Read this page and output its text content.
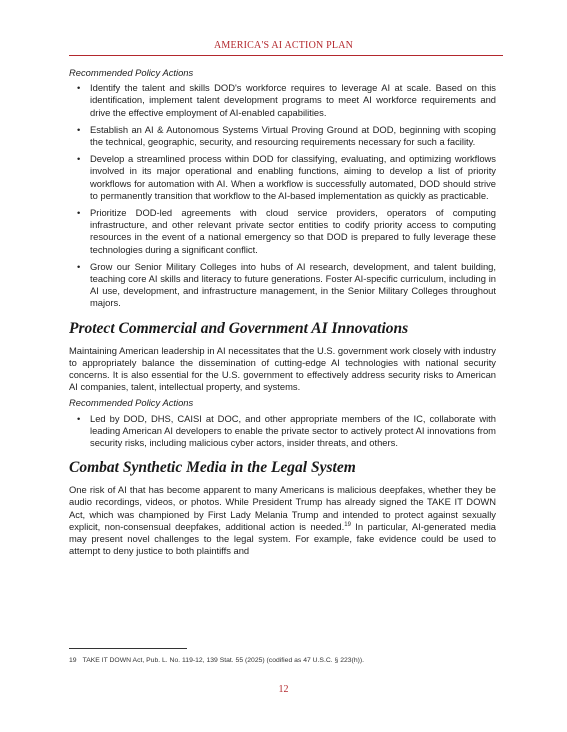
AMERICA'S AI ACTION PLAN

Recommended Policy Actions

• Identify the talent and skills DOD's workforce requires to leverage AI at scale. Based on this identification, implement talent development programs to meet AI workforce requirements and drive the effective employment of AI-enabled capabilities.
• Establish an AI & Autonomous Systems Virtual Proving Ground at DOD, beginning with scoping the technical, geographic, security, and resourcing requirements necessary for such a facility.
• Develop a streamlined process within DOD for classifying, evaluating, and optimizing workflows involved in its major operational and enabling functions, aiming to develop a list of priority workflows for automation with AI. When a workflow is successfully automated, DOD should strive to permanently transition that workflow to the AI-based implementation as quickly as practicable.
• Prioritize DOD-led agreements with cloud service providers, operators of computing infrastructure, and other relevant private sector entities to codify priority access to computing resources in the event of a national emergency so that DOD is prepared to fully leverage these technologies during a significant conflict.
• Grow our Senior Military Colleges into hubs of AI research, development, and talent building, teaching core AI skills and literacy to future generations. Foster AI-specific curriculum, including in AI use, development, and infrastructure management, in the Senior Military Colleges throughout majors.
Protect Commercial and Government AI Innovations

Maintaining American leadership in AI necessitates that the U.S. government work closely with industry to appropriately balance the dissemination of cutting-edge AI technologies with national security concerns. It is also essential for the U.S. government to effectively address security risks to American AI companies, talent, intellectual property, and systems.

Recommended Policy Actions

• Led by DOD, DHS, CAISI at DOC, and other appropriate members of the IC, collaborate with leading American AI developers to enable the private sector to actively protect AI innovations from security risks, including malicious cyber actors, insider threats, and others.
Combat Synthetic Media in the Legal System

One risk of AI that has become apparent to many Americans is malicious deepfakes, whether they be audio recordings, videos, or photos. While President Trump has already signed the TAKE IT DOWN Act, which was championed by First Lady Melania Trump and intended to protect against sexually explicit, non-consensual deepfakes, additional action is needed.$^{19}$ In particular, AI-generated media may present novel challenges to the legal system. For example, fake evidence could be used to attempt to deny justice to both plaintiffs and

19 TAKE IT DOWN Act, Pub. L. No. 119-12, 139 Stat. 55 (2025) (codified as 47 U.S.C. § 223(h)).
12
